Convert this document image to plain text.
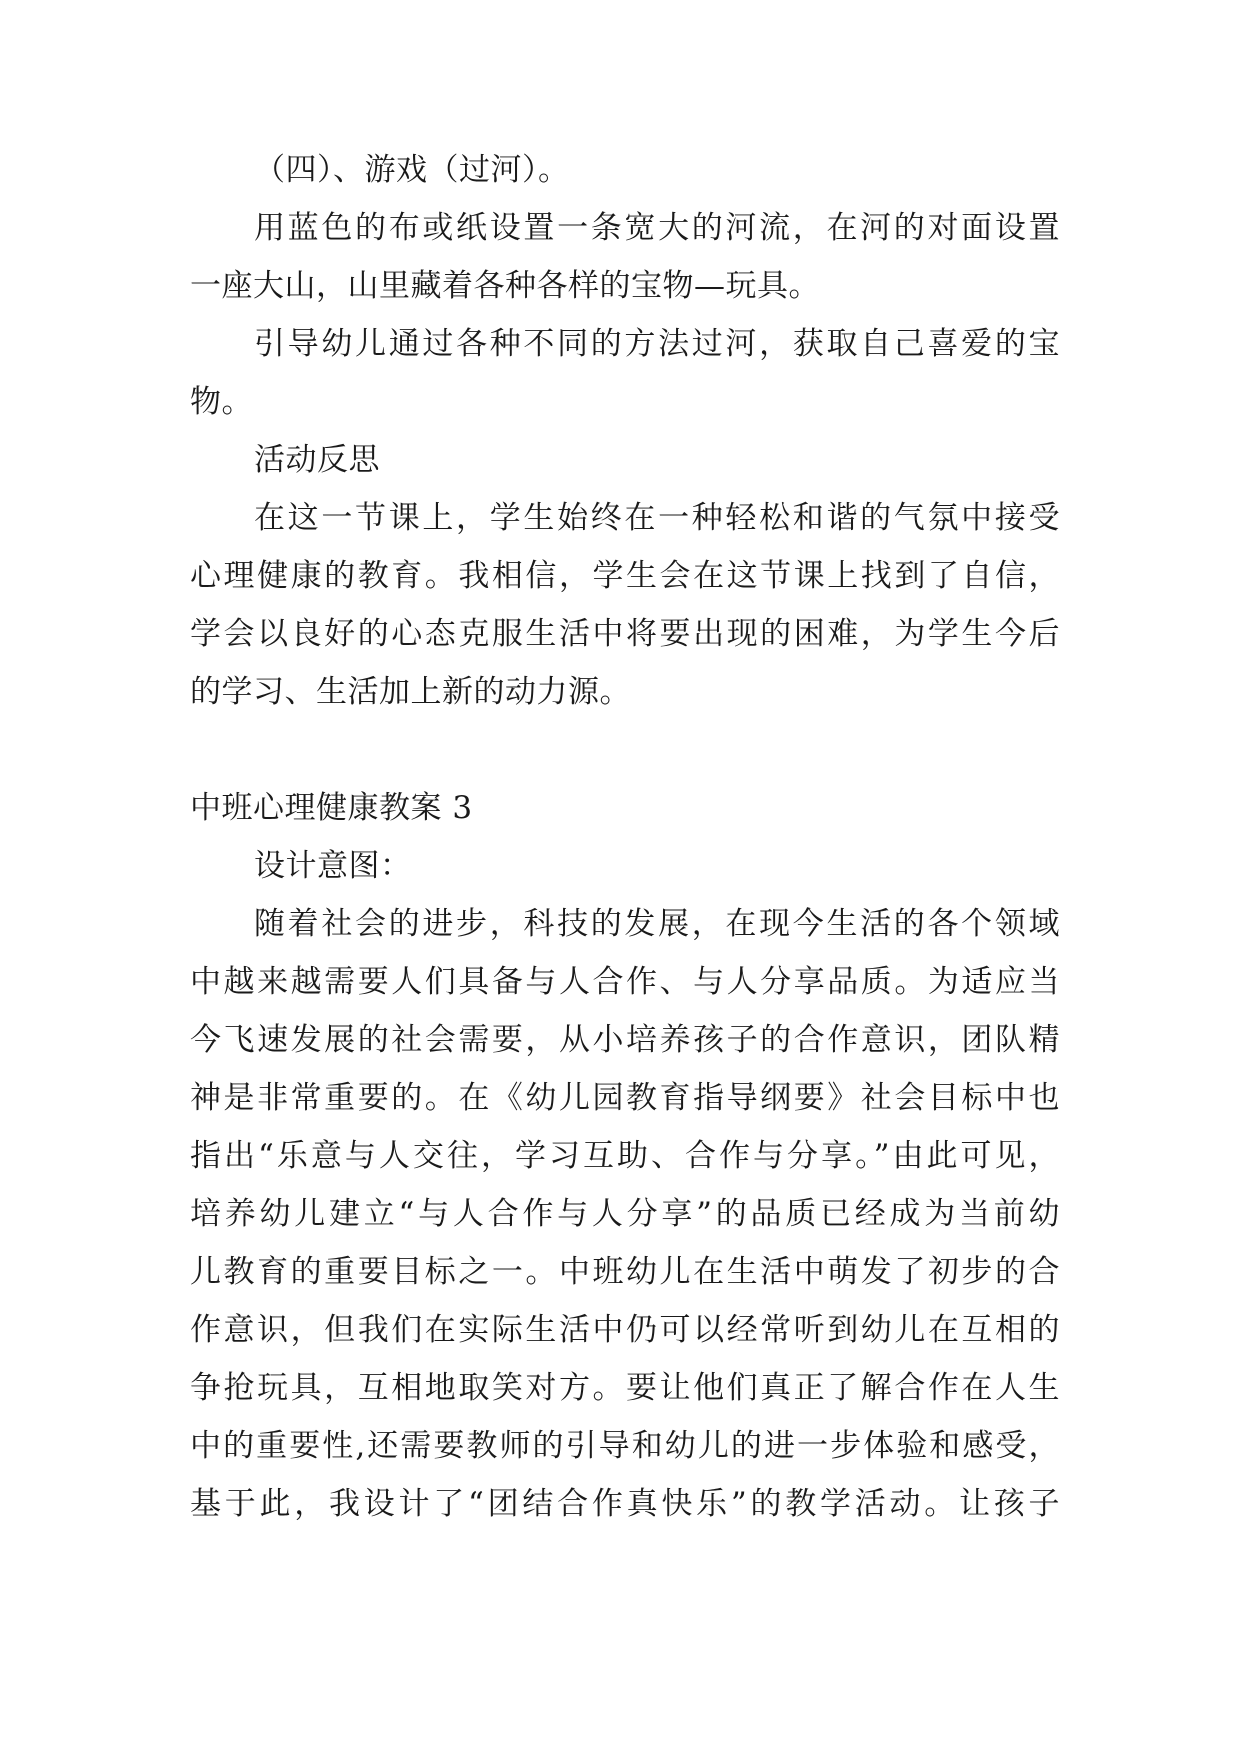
（四）、游戏（过河）。
用蓝色的布或纸设置一条宽大的河流，在河的对面设置
一座大山，山里藏着各种各样的宝物—玩具。
引导幼儿通过各种不同的方法过河，获取自己喜爱的宝
物。
活动反思
在这一节课上，学生始终在一种轻松和谐的气氛中接受
心理健康的教育。我相信，学生会在这节课上找到了自信，
学会以良好的心态克服生活中将要出现的困难，为学生今后
的学习、生活加上新的动力源。
中班心理健康教案 3
设计意图：
随着社会的进步，科技的发展，在现今生活的各个领域
中越来越需要人们具备与人合作、与人分享品质。为适应当
今飞速发展的社会需要，从小培养孩子的合作意识，团队精
神是非常重要的。在《幼儿园教育指导纲要》社会目标中也
指出“乐意与人交往，学习互助、合作与分享。”由此可见，
培养幼儿建立“与人合作与人分享”的品质已经成为当前幼
儿教育的重要目标之一。中班幼儿在生活中萌发了初步的合
作意识，但我们在实际生活中仍可以经常听到幼儿在互相的
争抢玩具，互相地取笑对方。要让他们真正了解合作在人生
中的重要性,还需要教师的引导和幼儿的进一步体验和感受，
基于此，我设计了“团结合作真快乐”的教学活动。让孩子
